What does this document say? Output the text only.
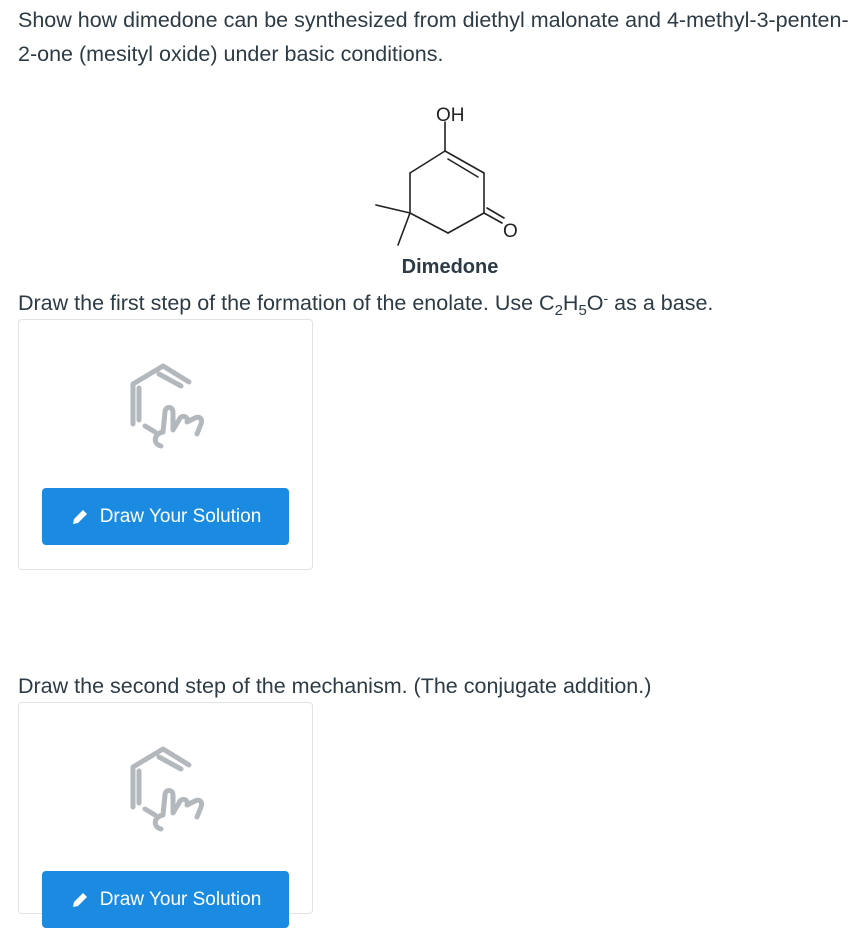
Show how dimedone can be synthesized from diethyl malonate and 4-methyl-3-penten-2-one (mesityl oxide) under basic conditions.
OH
O
Dimedone
Draw the first step of the formation of the enolate. Use $C_2H_5O^-$ as a base.
Draw Your Solution
Draw the second step of the mechanism. (The conjugate addition.)
Draw Your Solution
